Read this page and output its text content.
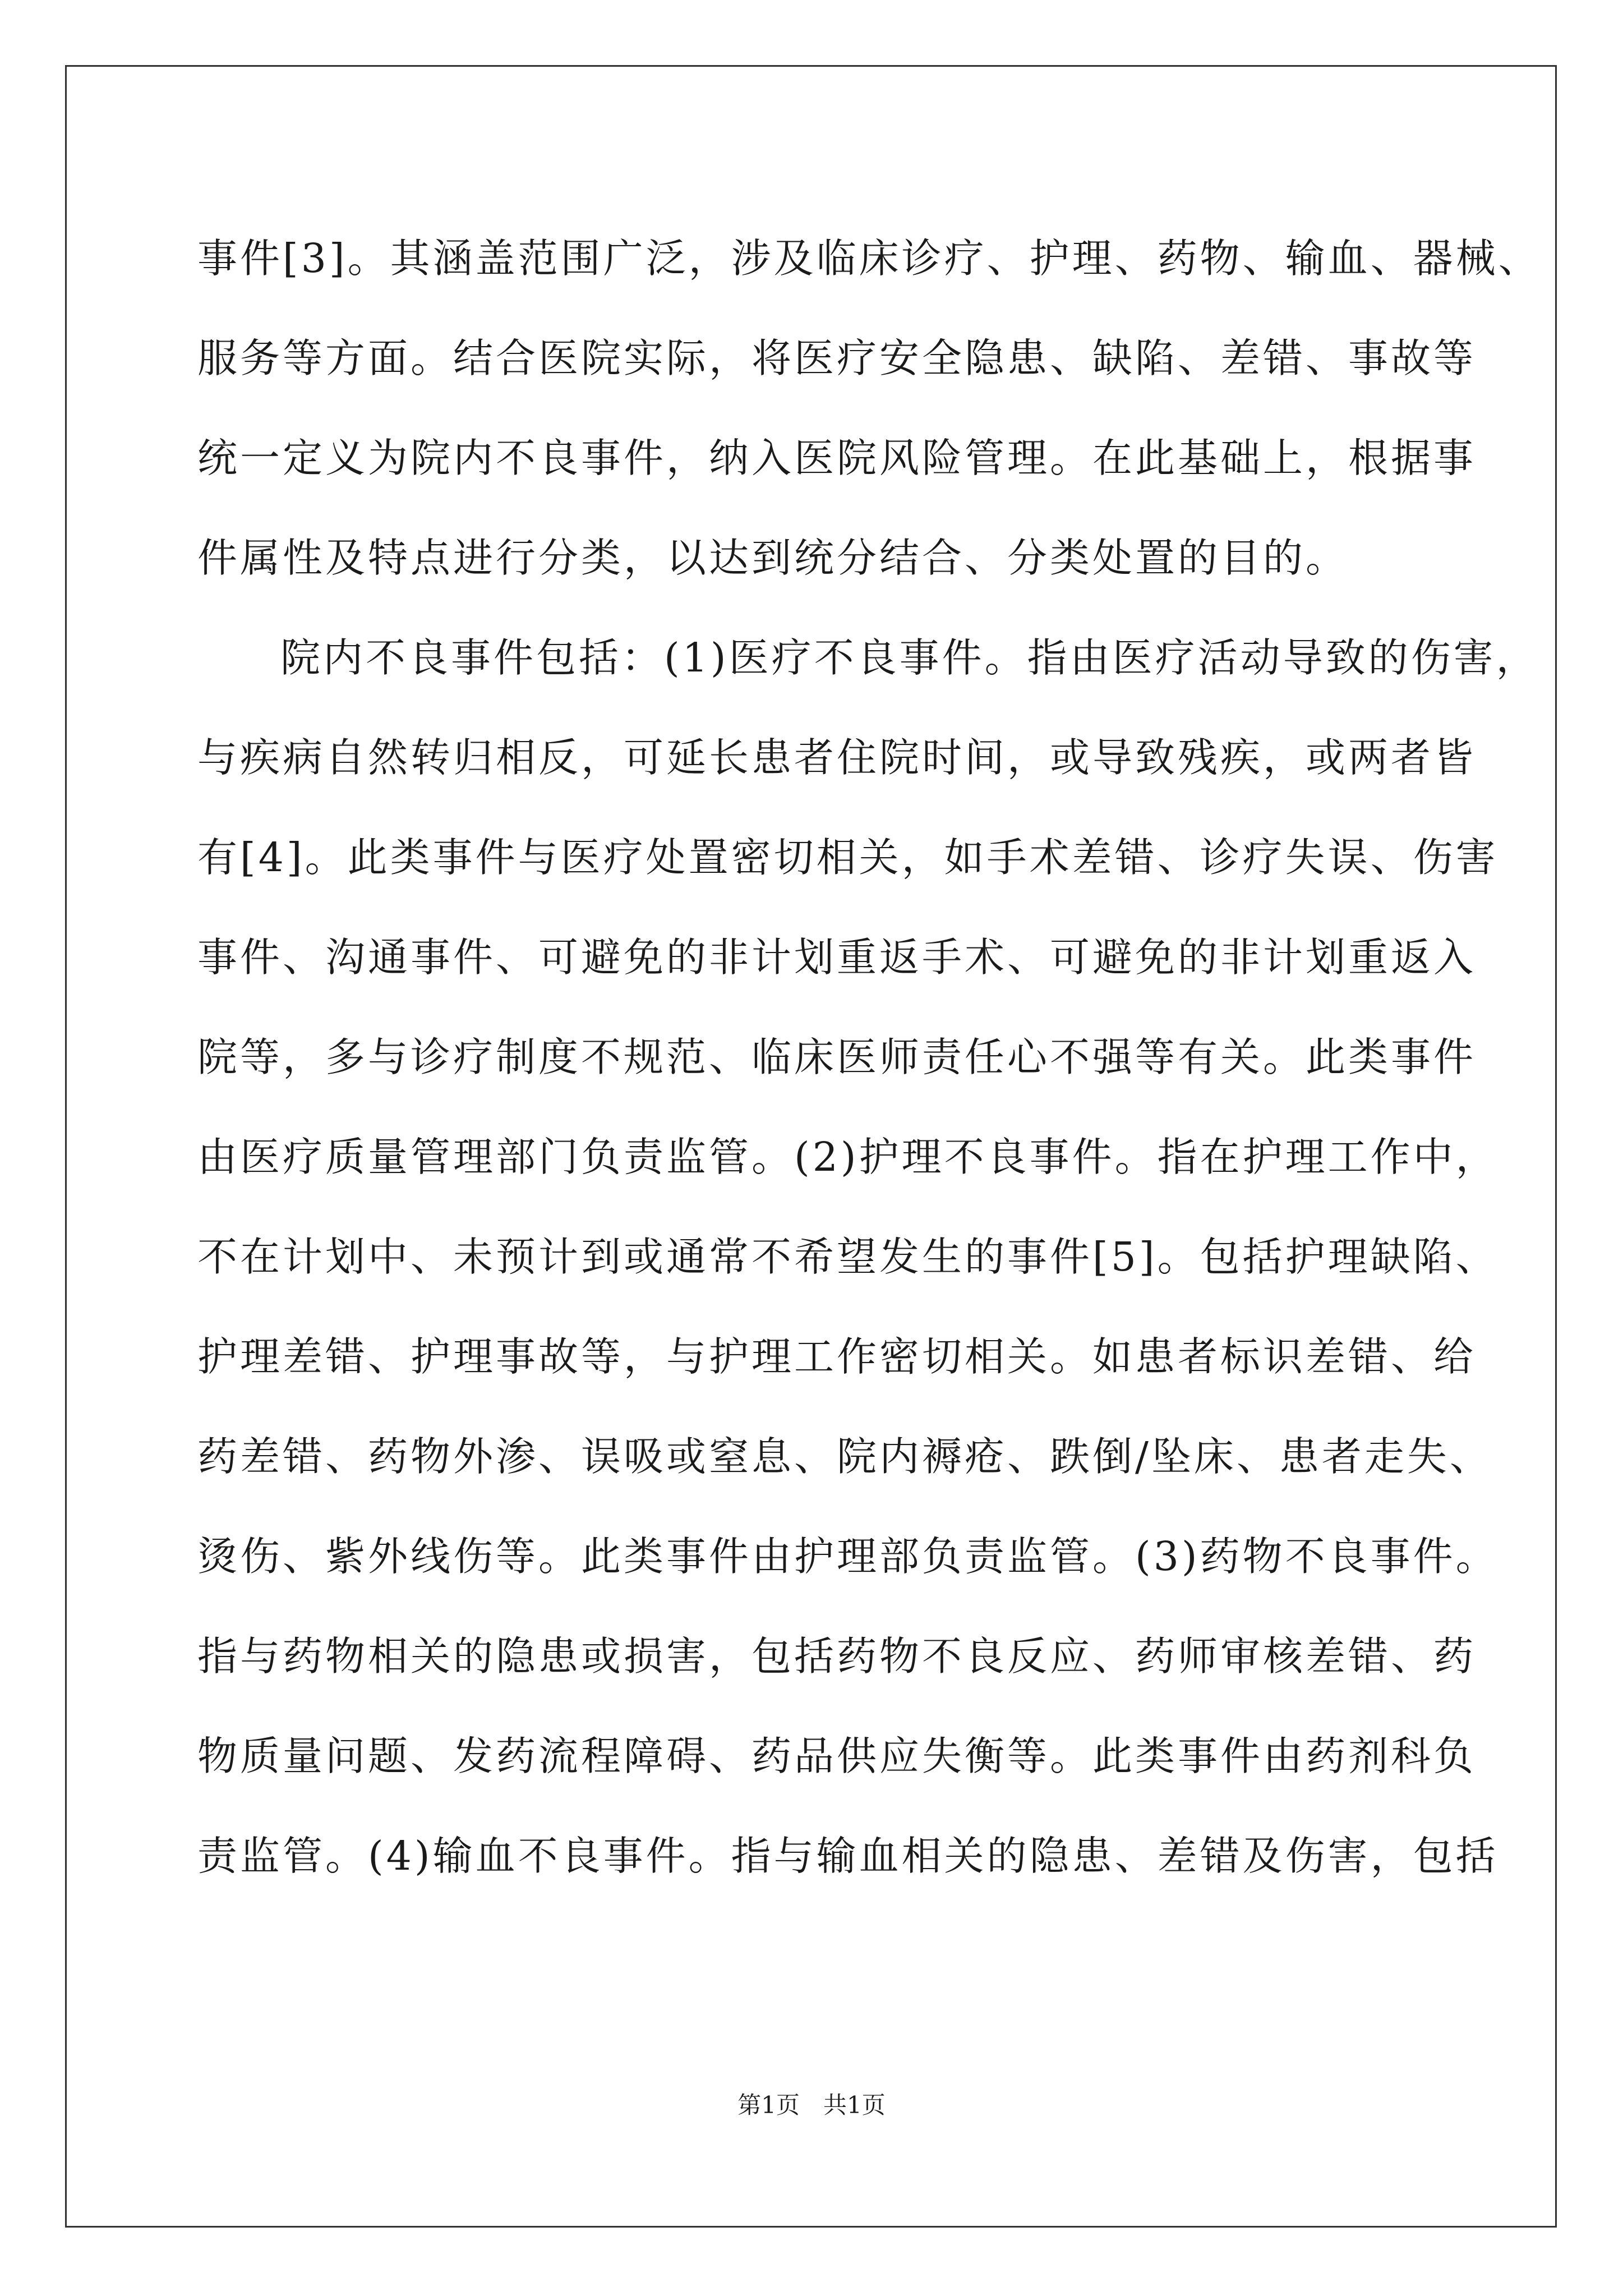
事件[3]。其涵盖范围广泛，涉及临床诊疗、护理、药物、输血、器械、
服务等方面。结合医院实际，将医疗安全隐患、缺陷、差错、事故等
统一定义为院内不良事件，纳入医院风险管理。在此基础上，根据事
件属性及特点进行分类，以达到统分结合、分类处置的目的。
院内不良事件包括：(1)医疗不良事件。指由医疗活动导致的伤害，
与疾病自然转归相反，可延长患者住院时间，或导致残疾，或两者皆
有[4]。此类事件与医疗处置密切相关，如手术差错、诊疗失误、伤害
事件、沟通事件、可避免的非计划重返手术、可避免的非计划重返入
院等，多与诊疗制度不规范、临床医师责任心不强等有关。此类事件
由医疗质量管理部门负责监管。(2)护理不良事件。指在护理工作中，
不在计划中、未预计到或通常不希望发生的事件[5]。包括护理缺陷、
护理差错、护理事故等，与护理工作密切相关。如患者标识差错、给
药差错、药物外渗、误吸或窒息、院内褥疮、跌倒/坠床、患者走失、
烫伤、紫外线伤等。此类事件由护理部负责监管。(3)药物不良事件。
指与药物相关的隐患或损害，包括药物不良反应、药师审核差错、药
物质量问题、发药流程障碍、药品供应失衡等。此类事件由药剂科负
责监管。(4)输血不良事件。指与输血相关的隐患、差错及伤害，包括
第1页　共1页
